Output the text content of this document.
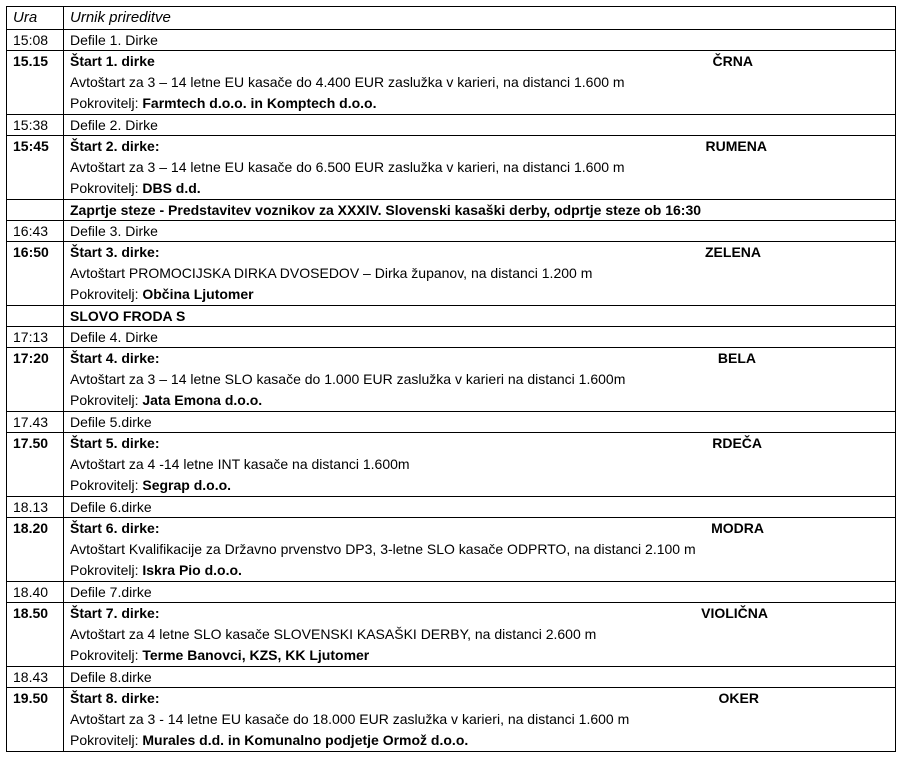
Ura	Urnik prireditve
15:08	Defile 1. Dirke
15.15	Štart 1. dirke ČRNA
Avtoštart za 3 – 14 letne EU kasače do 4.400 EUR zaslužka v karieri, na distanci 1.600 m
Pokrovitelj: Farmtech d.o.o. in Komptech d.o.o.

15:38	Defile 2. Dirke
15:45	Štart 2. dirke: RUMENA
Avtoštart za 3 – 14 letne EU kasače do 6.500 EUR zaslužka v karieri, na distanci 1.600 m
Pokrovitelj: DBS d.d.

	Zaprtje steze - Predstavitev voznikov za XXXIV. Slovenski kasaški derby, odprtje steze ob 16:30
16:43	Defile 3. Dirke
16:50	Štart 3. dirke: ZELENA
Avtoštart PROMOCIJSKA DIRKA DVOSEDOV – Dirka županov, na distanci 1.200 m
Pokrovitelj: Občina Ljutomer

	SLOVO FRODA S
17:13	Defile 4. Dirke
17:20	Štart 4. dirke: BELA
Avtoštart za 3 – 14 letne SLO kasače do 1.000 EUR zaslužka v karieri na distanci 1.600m
Pokrovitelj: Jata Emona d.o.o.

17.43	Defile 5.dirke
17.50	Štart 5. dirke: RDEČA
Avtoštart za 4 -14 letne INT kasače na distanci 1.600m
Pokrovitelj: Segrap d.o.o.

18.13	Defile 6.dirke
18.20	Štart 6. dirke: MODRA
Avtoštart Kvalifikacije za Državno prvenstvo DP3, 3-letne SLO kasače ODPRTO, na distanci 2.100 m
Pokrovitelj: Iskra Pio d.o.o.

18.40	Defile 7.dirke
18.50	Štart 7. dirke: VIOLIČNA
Avtoštart za 4 letne SLO kasače SLOVENSKI KASAŠKI DERBY, na distanci 2.600 m
Pokrovitelj: Terme Banovci, KZS, KK Ljutomer

18.43	Defile 8.dirke
19.50	Štart 8. dirke: OKER
Avtoštart za 3 - 14 letne EU kasače do 18.000 EUR zaslužka v karieri, na distanci 1.600 m
Pokrovitelj: Murales d.d. in Komunalno podjetje Ormož d.o.o.
